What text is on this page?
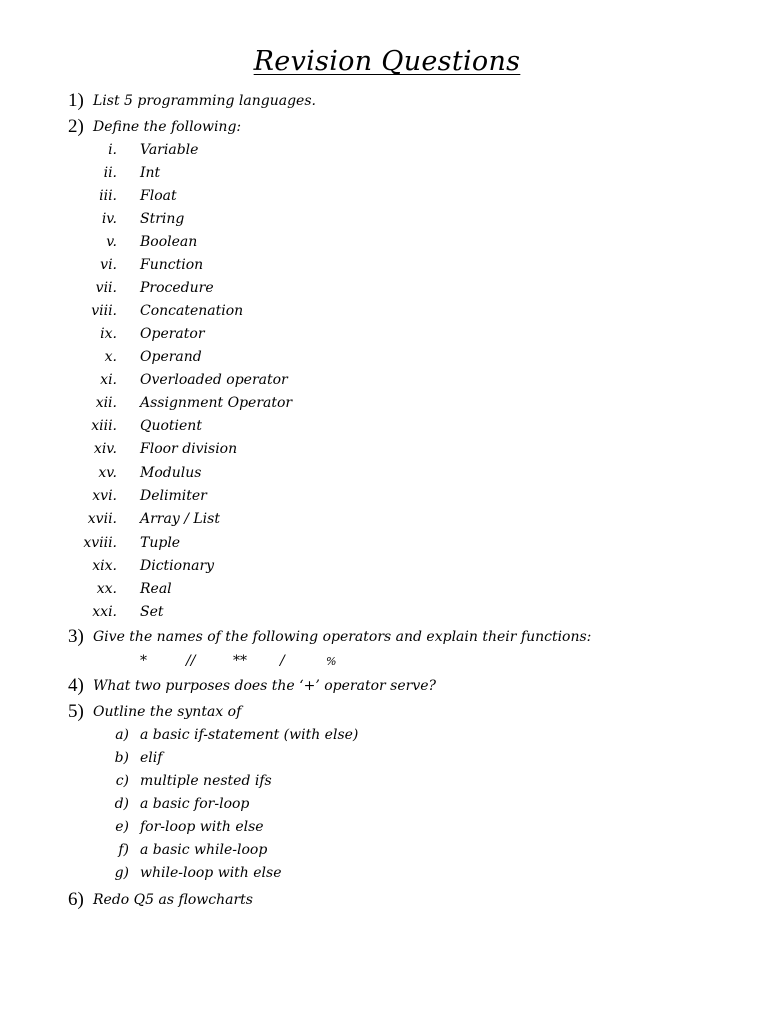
Revision Questions
1) List 5 programming languages.
2) Define the following:
i. Variable
ii. Int
iii. Float
iv. String
v. Boolean
vi. Function
vii. Procedure
viii. Concatenation
ix. Operator
x. Operand
xi. Overloaded operator
xii. Assignment Operator
xiii. Quotient
xiv. Floor division
xv. Modulus
xvi. Delimiter
xvii. Array / List
xviii. Tuple
xix. Dictionary
xx. Real
xxi. Set
3) Give the names of the following operators and explain their functions:
*	//	** /	%
4) What two purposes does the ‘+’ operator serve?
5) Outline the syntax of
a) a basic if-statement (with else)
b) elif
c) multiple nested ifs
d) a basic for-loop
e) for-loop with else
f) a basic while-loop
g) while-loop with else
6) Redo Q5 as flowcharts
